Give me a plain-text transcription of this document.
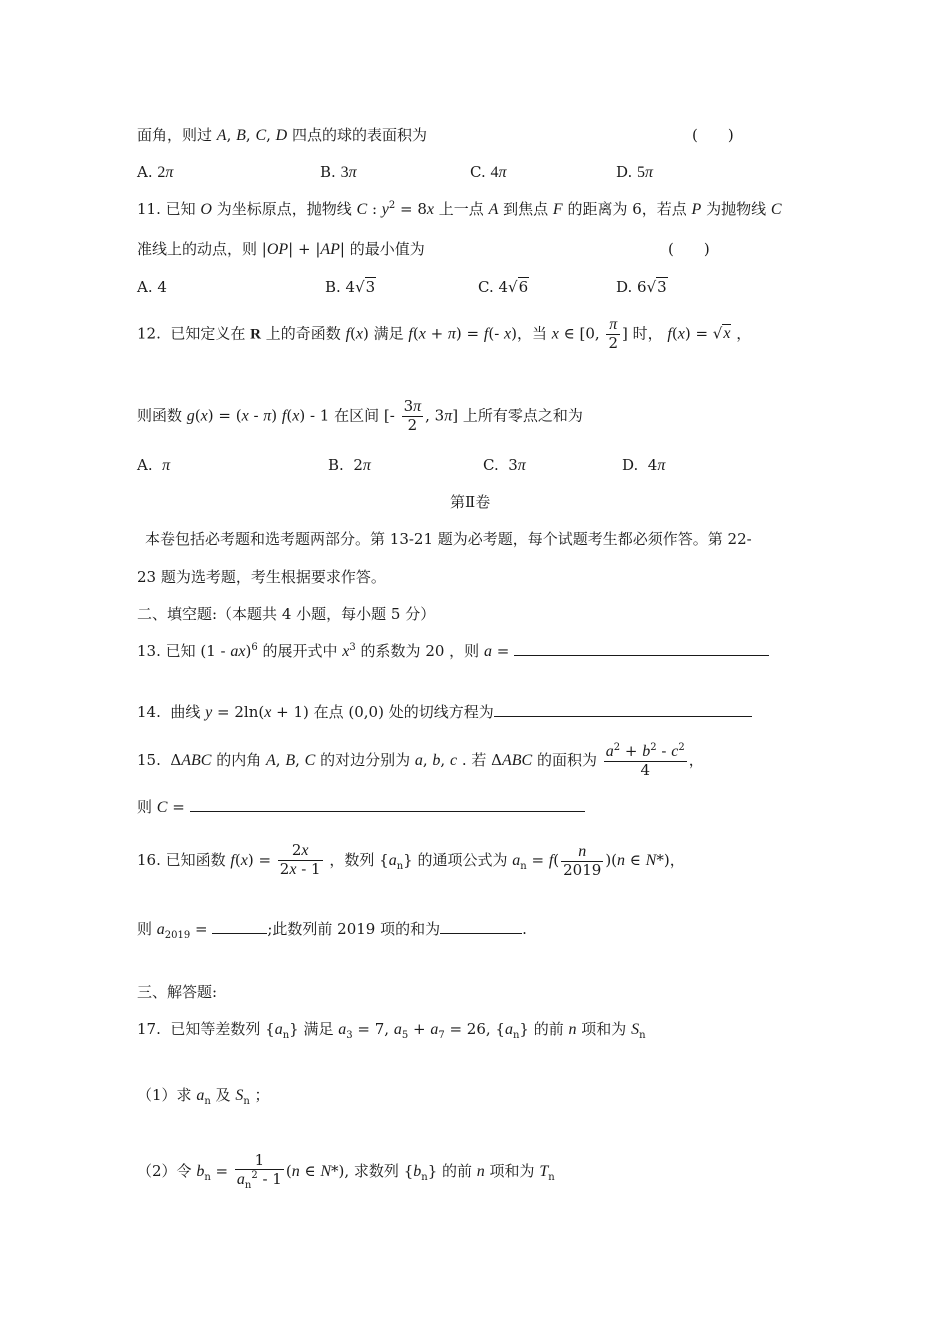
面角，则过 A, B, C, D 四点的球的表面积为	(　　)
A. 2π	B. 3π	C. 4π	D. 5π
11. 已知 O 为坐标原点，抛物线 C : $y^2 = 8x$ 上一点 A 到焦点 F 的距离为 6，若点 P 为抛物线 C
准线上的动点，则 |OP| + |AP| 的最小值为	(　　)
A. 4	B. 4√3	C. 4√6	D. 6√3
12.  已知定义在 R 上的奇函数 f(x) 满足 f(x + π) = f(- x)，当 x ∈ [0, $\frac{\pi}{2}$ ] 时， f(x) = √x ，
则函数 g(x) = (x - π) f(x) - 1 在区间 [- $\frac{3\pi}{2}$ , 3π] 上所有零点之和为
A.  π	B.  2π	C.  3π	D.  4π
第Ⅱ卷
本卷包括必考题和选考题两部分。第 13-21 题为必考题，每个试题考生都必须作答。第 22-
23 题为选考题，考生根据要求作答。
二、填空题:（本题共 4 小题，每小题 5 分）
13. 已知 (1 - ax)$^6$ 的展开式中 $x^3$ 的系数为 20 ，则 a =
14.  曲线 y = 2ln(x + 1) 在点 (0,0) 处的切线方程为
15.  ΔABC 的内角 A, B, C 的对边分别为 a, b, c . 若 ΔABC 的面积为 $\frac{a^2 + b^2 - c^2}{4}$ ，
则 C =
16. 已知函数 $f(x) = \frac{2x}{2x - 1}$ ，数列 $\{a_n\}$ 的通项公式为 $a_n = f( \frac{n}{2019} )(n$ ∈ N*)，
则 $a_{2019}$ =	;此数列前 2019 项的和为	.
三、解答题:
17.  已知等差数列 $\{a_n\}$ 满足 $a_3 = 7$, $a_5 + a_7 = 26$, $\{a_n\}$ 的前 n 项和为 $S_n$
（1）求 $a_n$ 及 $S_n$ ；
（2）令 $b_n = \frac{1}{a_n^2 - 1} (n$ ∈ N*), 求数列 $\{b_n\}$ 的前 n 项和为 $T_n$
